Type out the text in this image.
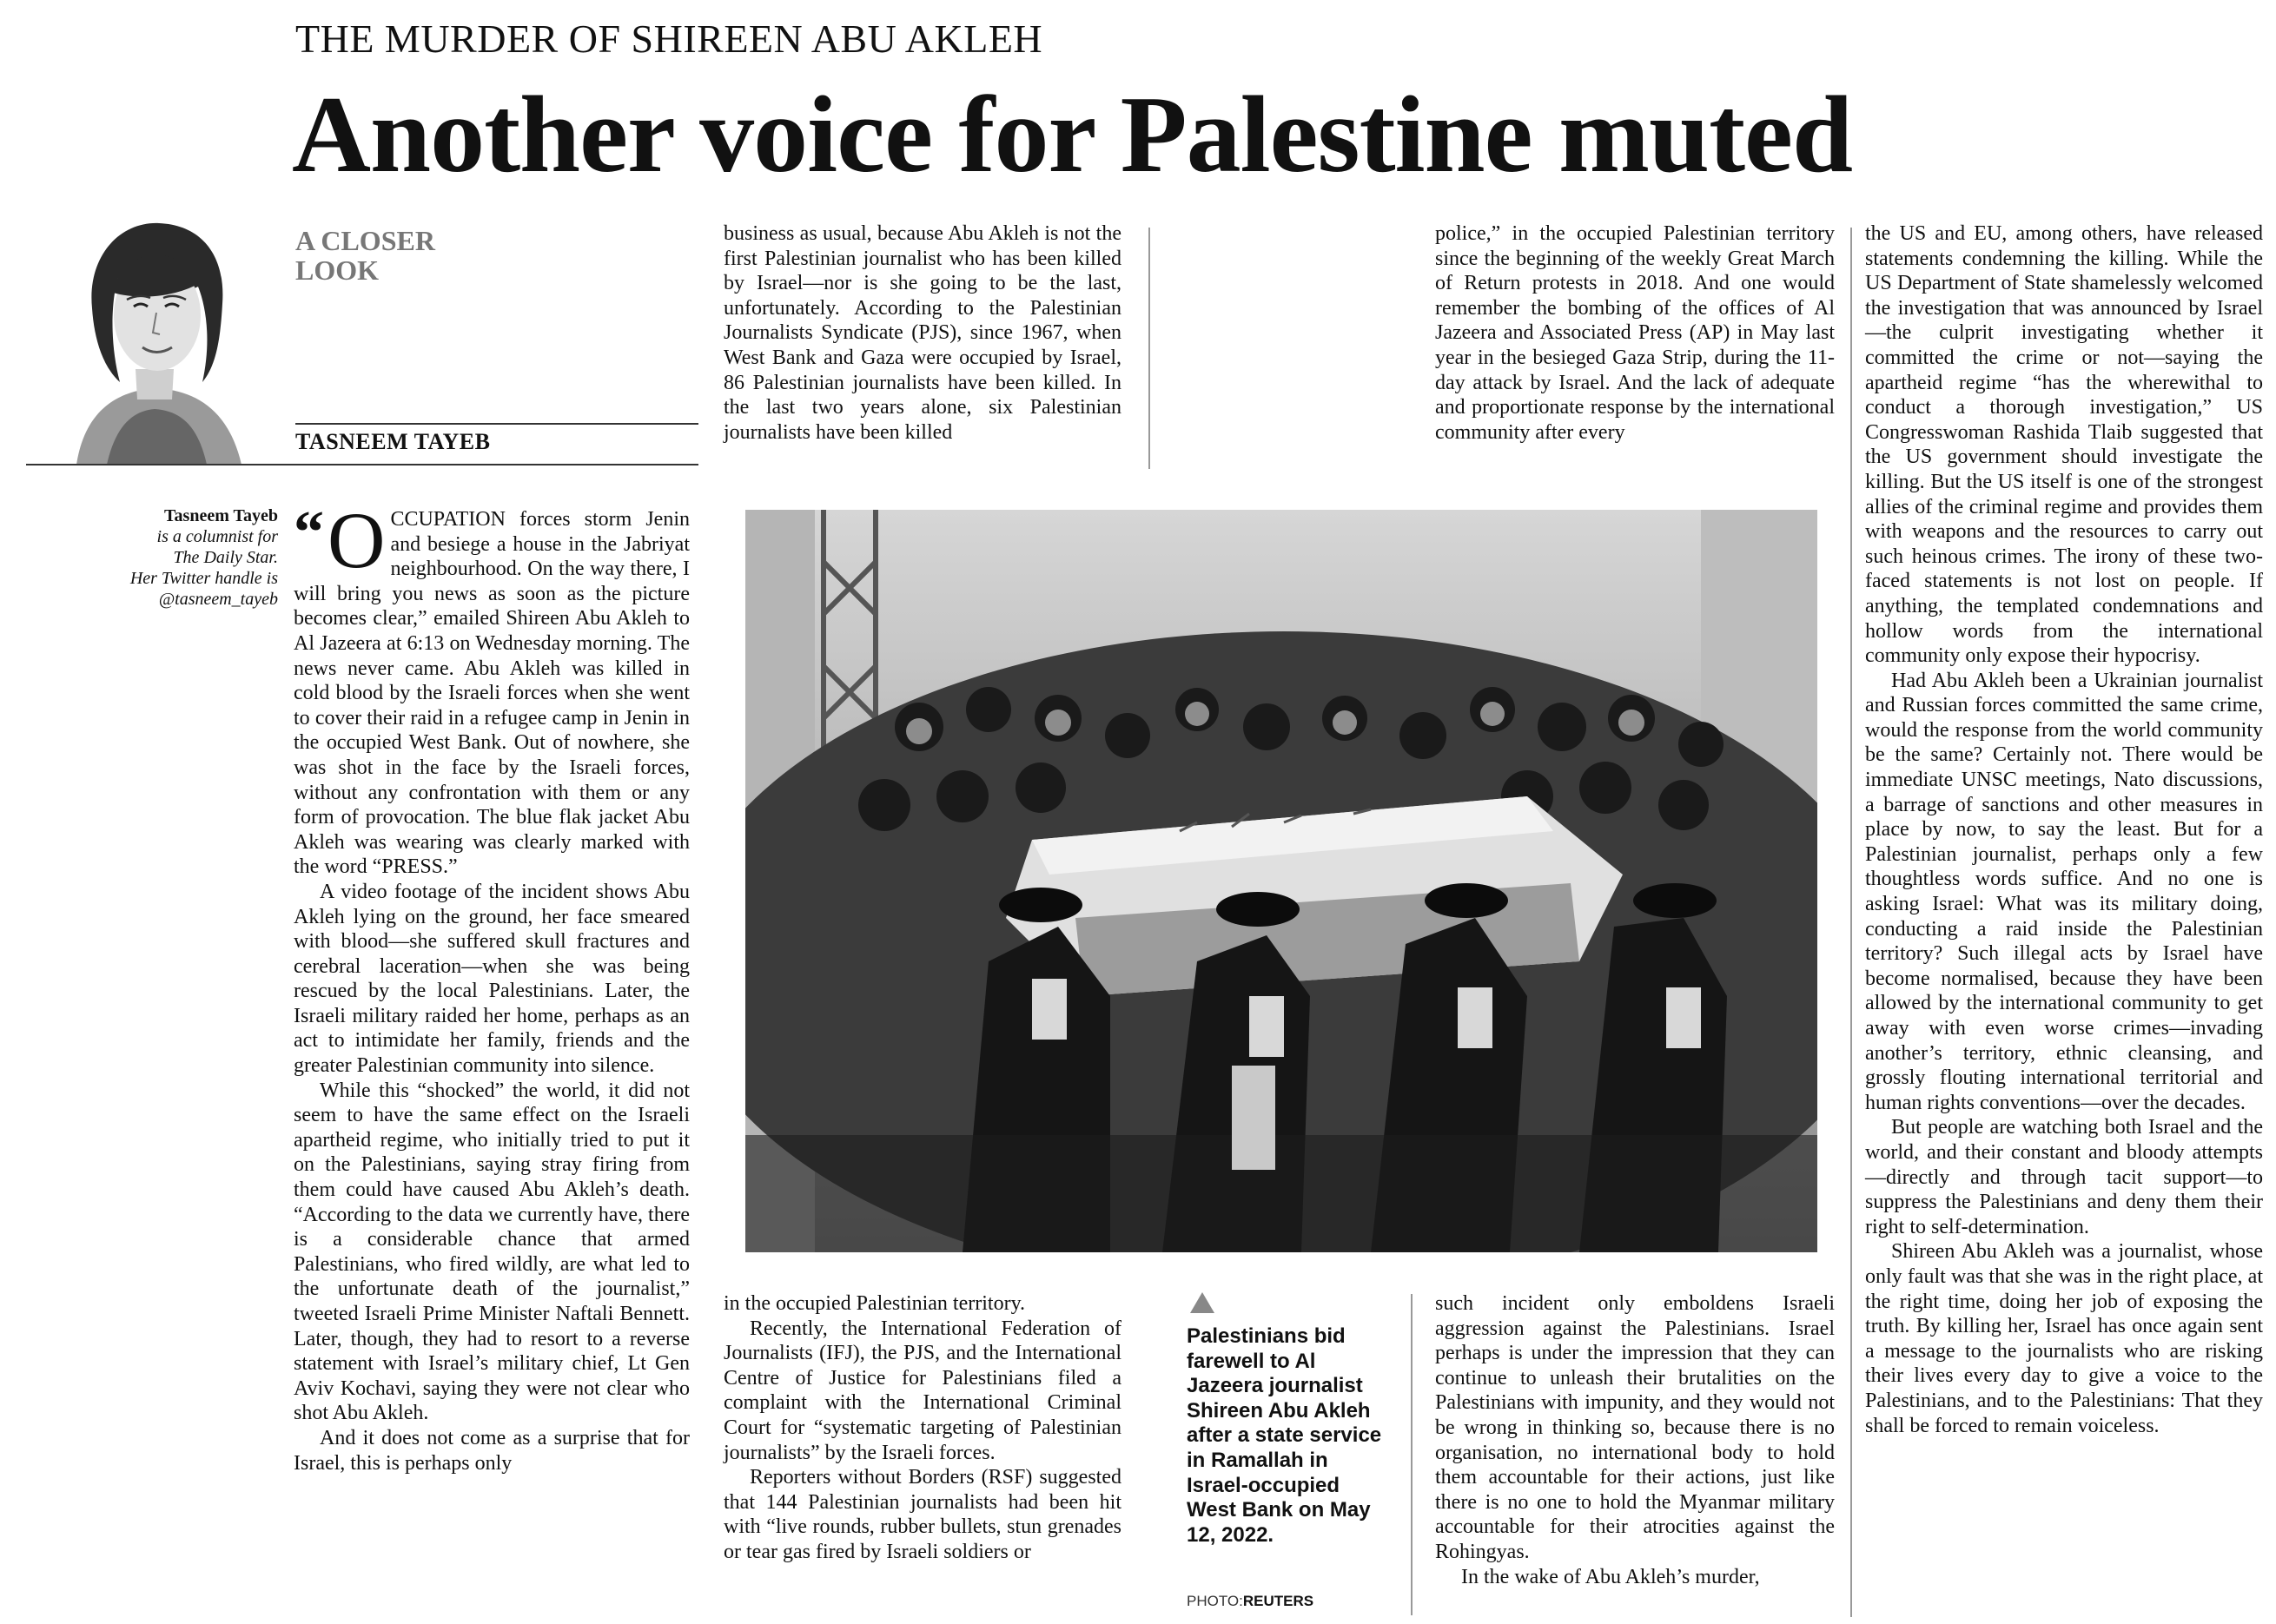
THE MURDER OF SHIREEN ABU AKLEH
Another voice for Palestine muted
A CLOSER
LOOK
TASNEEM TAYEB
Tasneem Tayeb
is a columnist for
The Daily Star.
Her Twitter handle is
@tasneem_tayeb

“ O CCUPATION forces storm Jenin and besiege a house in the Jabriyat neighbourhood. On the way there, I will bring you news as soon as the picture becomes clear,” emailed Shireen Abu Akleh to Al Jazeera at 6:13 on Wednesday morning. The news never came. Abu Akleh was killed in cold blood by the Israeli forces when she went to cover their raid in a refugee camp in Jenin in the occupied West Bank. Out of nowhere, she was shot in the face by the Israeli forces, without any confrontation with them or any form of provocation. The blue flak jacket Abu Akleh was wearing was clearly marked with the word “PRESS.”

A video footage of the incident shows Abu Akleh lying on the ground, her face smeared with blood—she suffered skull fractures and cerebral laceration—when she was being rescued by the local Palestinians. Later, the Israeli military raided her home, perhaps as an act to intimidate her family, friends and the greater Palestinian community into silence.

While this “shocked” the world, it did not seem to have the same effect on the Israeli apartheid regime, who initially tried to put it on the Palestinians, saying stray firing from them could have caused Abu Akleh’s death. “According to the data we currently have, there is a considerable chance that armed Palestinians, who fired wildly, are what led to the unfortunate death of the journalist,” tweeted Israeli Prime Minister Naftali Bennett. Later, though, they had to resort to a reverse statement with Israel’s military chief, Lt Gen Aviv Kochavi, saying they were not clear who shot Abu Akleh.

And it does not come as a surprise that for Israel, this is perhaps only

business as usual, because Abu Akleh is not the first Palestinian journalist who has been killed by Israel—nor is she going to be the last, unfortunately. According to the Palestinian Journalists Syndicate (PJS), since 1967, when West Bank and Gaza were occupied by Israel, 86 Palestinian journalists have been killed. In the last two years alone, six Palestinian journalists have been killed

police,” in the occupied Palestinian territory since the beginning of the weekly Great March of Return protests in 2018. And one would remember the bombing of the offices of Al Jazeera and Associated Press (AP) in May last year in the besieged Gaza Strip, during the 11-day attack by Israel. And the lack of adequate and proportionate response by the international community after every

in the occupied Palestinian territory.

Recently, the International Federation of Journalists (IFJ), the PJS, and the International Centre of Justice for Palestinians filed a complaint with the International Criminal Court for “systematic targeting of Palestinian journalists” by the Israeli forces.

Reporters without Borders (RSF) suggested that 144 Palestinian journalists had been hit with “live rounds, rubber bullets, stun grenades or tear gas fired by Israeli soldiers or

Palestinians bid farewell to Al Jazeera journalist Shireen Abu Akleh after a state service in Ramallah in Israel-occupied West Bank on May 12, 2022.
PHOTO:REUTERS

such incident only emboldens Israeli aggression against the Palestinians. Israel perhaps is under the impression that they can continue to unleash their brutalities on the Palestinians with impunity, and they would not be wrong in thinking so, because there is no organisation, no international body to hold them accountable for their actions, just like there is no one to hold the Myanmar military accountable for their atrocities against the Rohingyas.

In the wake of Abu Akleh’s murder,

the US and EU, among others, have released statements condemning the killing. While the US Department of State shamelessly welcomed the investigation that was announced by Israel—the culprit investigating whether it committed the crime or not—saying the apartheid regime “has the wherewithal to conduct a thorough investigation,” US Congresswoman Rashida Tlaib suggested that the US government should investigate the killing. But the US itself is one of the strongest allies of the criminal regime and provides them with weapons and the resources to carry out such heinous crimes. The irony of these two-faced statements is not lost on people. If anything, the templated condemnations and hollow words from the international community only expose their hypocrisy.

Had Abu Akleh been a Ukrainian journalist and Russian forces committed the same crime, would the response from the world community be the same? Certainly not. There would be immediate UNSC meetings, Nato discussions, a barrage of sanctions and other measures in place by now, to say the least. But for a Palestinian journalist, perhaps only a few thoughtless words suffice. And no one is asking Israel: What was its military doing, conducting a raid inside the Palestinian territory? Such illegal acts by Israel have become normalised, because they have been allowed by the international community to get away with even worse crimes—invading another’s territory, ethnic cleansing, and grossly flouting international territorial and human rights conventions—over the decades.

But people are watching both Israel and the world, and their constant and bloody attempts—directly and through tacit support—to suppress the Palestinians and deny them their right to self-determination.

Shireen Abu Akleh was a journalist, whose only fault was that she was in the right place, at the right time, doing her job of exposing the truth. By killing her, Israel has once again sent a message to the journalists who are risking their lives every day to give a voice to the Palestinians, and to the Palestinians: That they shall be forced to remain voiceless.
